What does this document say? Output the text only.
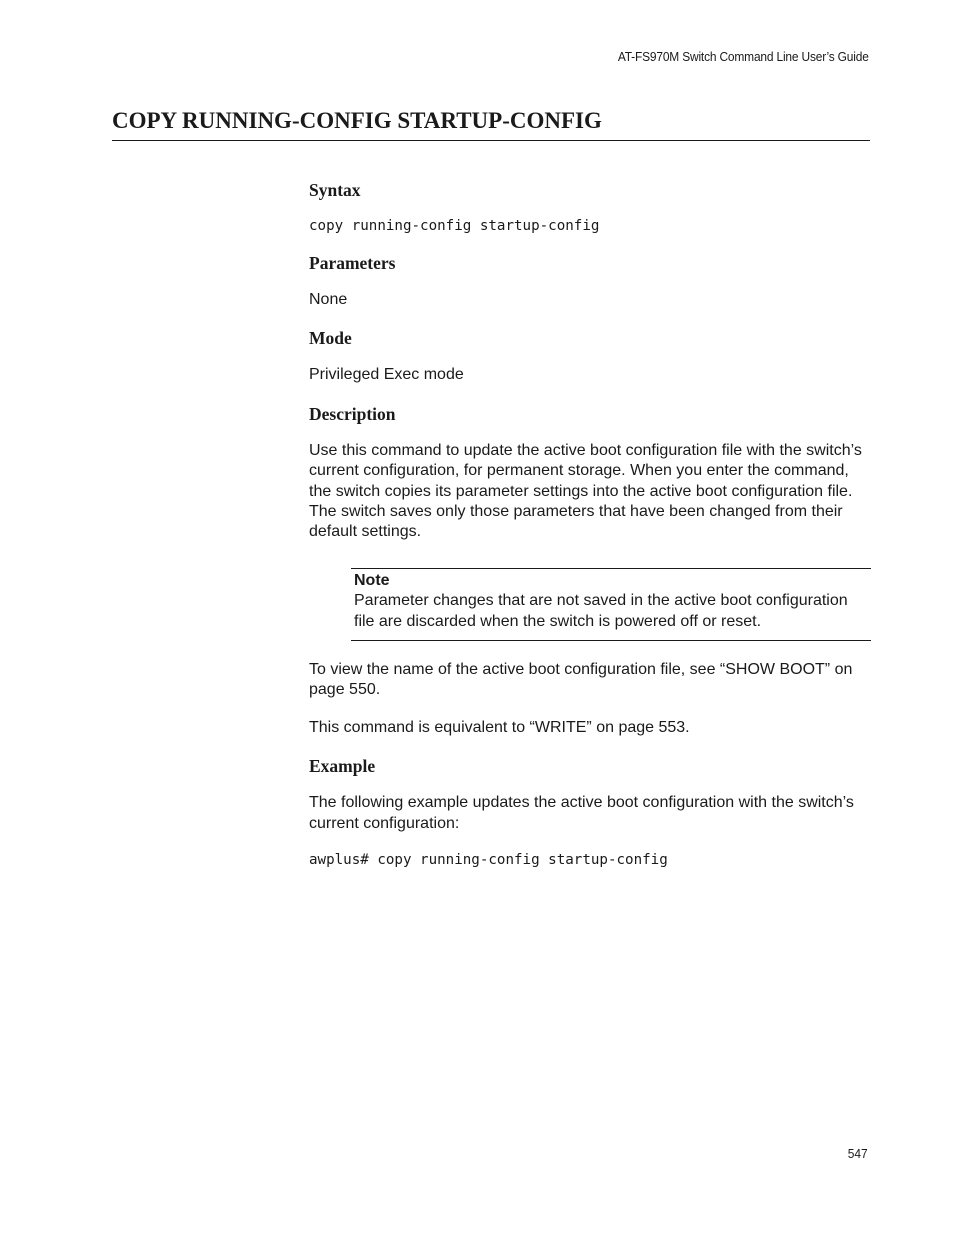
AT-FS970M Switch Command Line User’s Guide
COPY RUNNING-CONFIG STARTUP-CONFIG
Syntax

copy running-config startup-config

Parameters

None

Mode

Privileged Exec mode

Description

Use this command to update the active boot configuration file with the switch’s current configuration, for permanent storage. When you enter the command, the switch copies its parameter settings into the active boot configuration file. The switch saves only those parameters that have been changed from their default settings.

Note

Parameter changes that are not saved in the active boot configuration file are discarded when the switch is powered off or reset.

To view the name of the active boot configuration file, see “SHOW BOOT” on page 550.

This command is equivalent to “WRITE” on page 553.

Example

The following example updates the active boot configuration with the switch’s current configuration:

awplus# copy running-config startup-config

547
